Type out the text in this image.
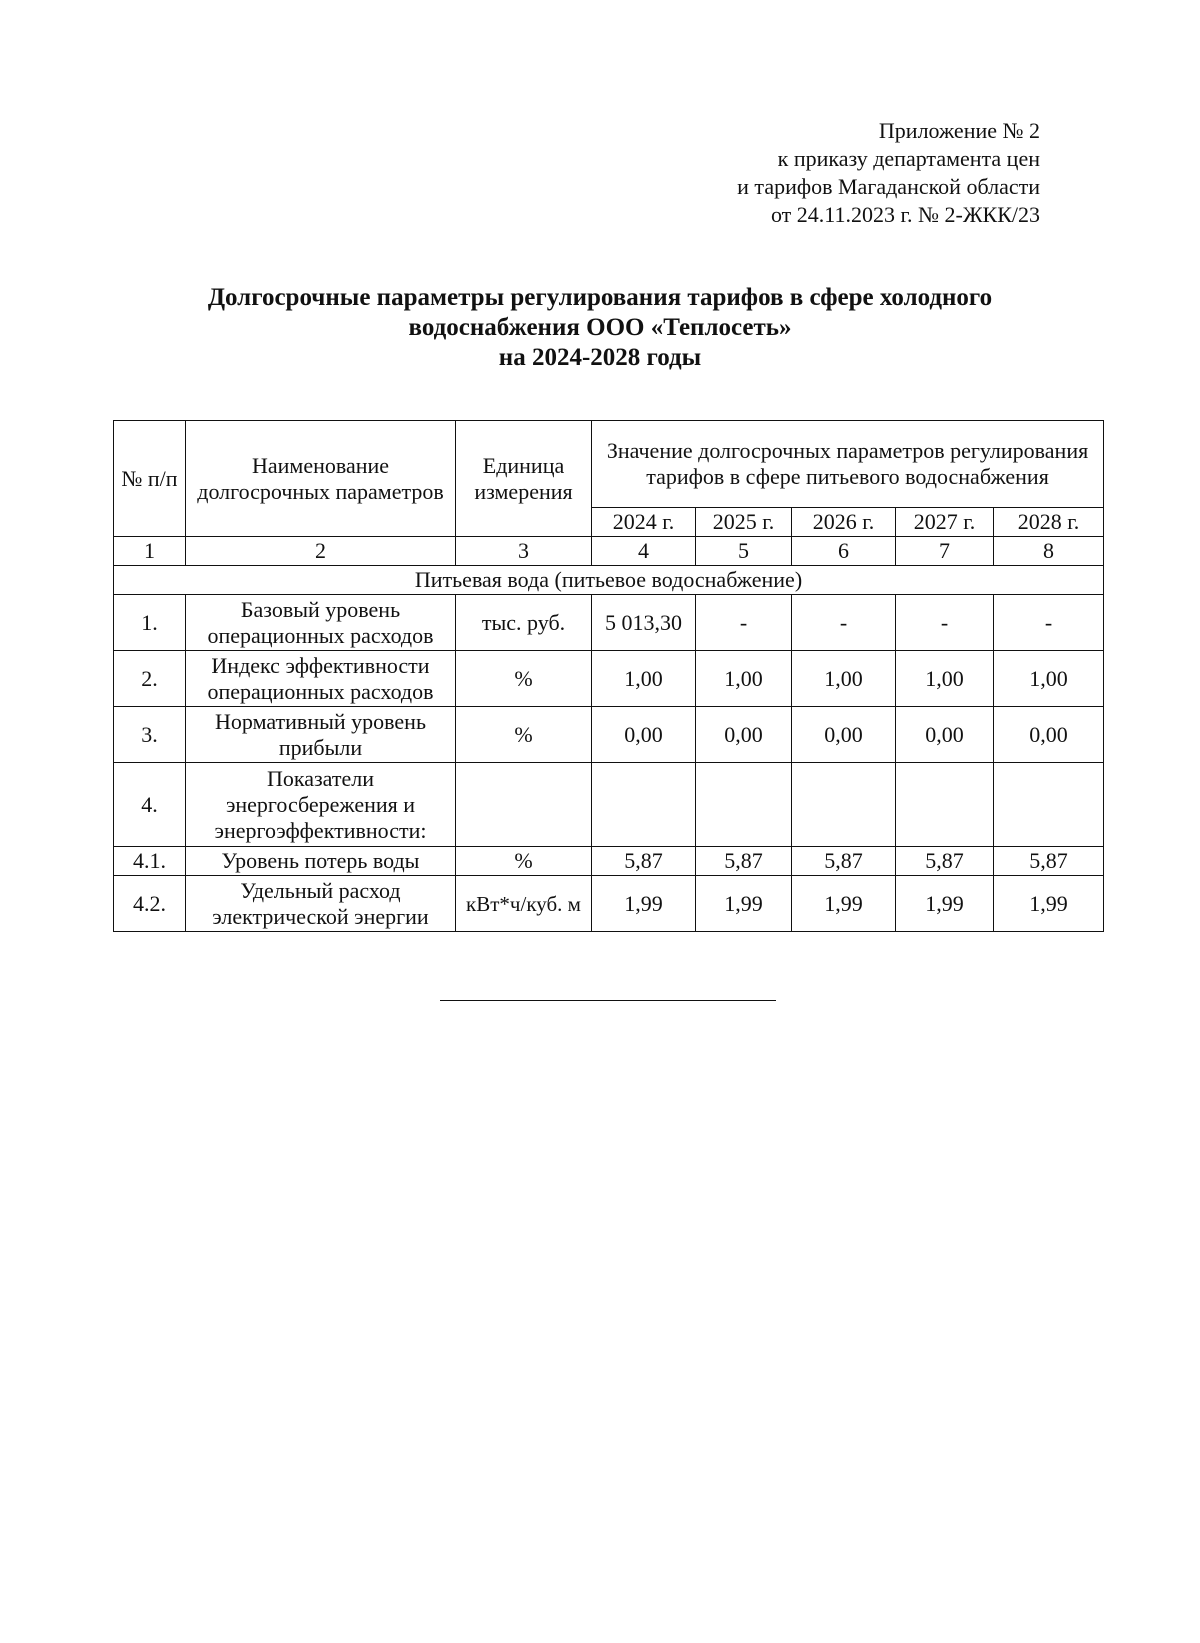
Приложение № 2
к приказу департамента цен
и тарифов Магаданской области
от 24.11.2023 г. № 2-ЖКК/23
Долгосрочные параметры регулирования тарифов в сфере холодного
водоснабжения ООО «Теплосеть»
на 2024-2028 годы
№ п/п	Наименование долгосрочных параметров	Единица измерения	Значение долгосрочных параметров регулирования тарифов в сфере питьевого водоснабжения				
			2024 г.	2025 г.	2026 г.	2027 г.	2028 г.
1	2	3	4	5	6	7	8
Питьевая вода (питьевое водоснабжение)							
1.	Базовый уровень операционных расходов	тыс. руб.	5 013,30	-	-	-	-
2.	Индекс эффективности операционных расходов	%	1,00	1,00	1,00	1,00	1,00
3.	Нормативный уровень прибыли	%	0,00	0,00	0,00	0,00	0,00
4.	Показатели энергосбережения и энергоэффективности:						
4.1.	Уровень потерь воды	%	5,87	5,87	5,87	5,87	5,87
4.2.	Удельный расход электрической энергии	кВт*ч/куб. м	1,99	1,99	1,99	1,99	1,99
